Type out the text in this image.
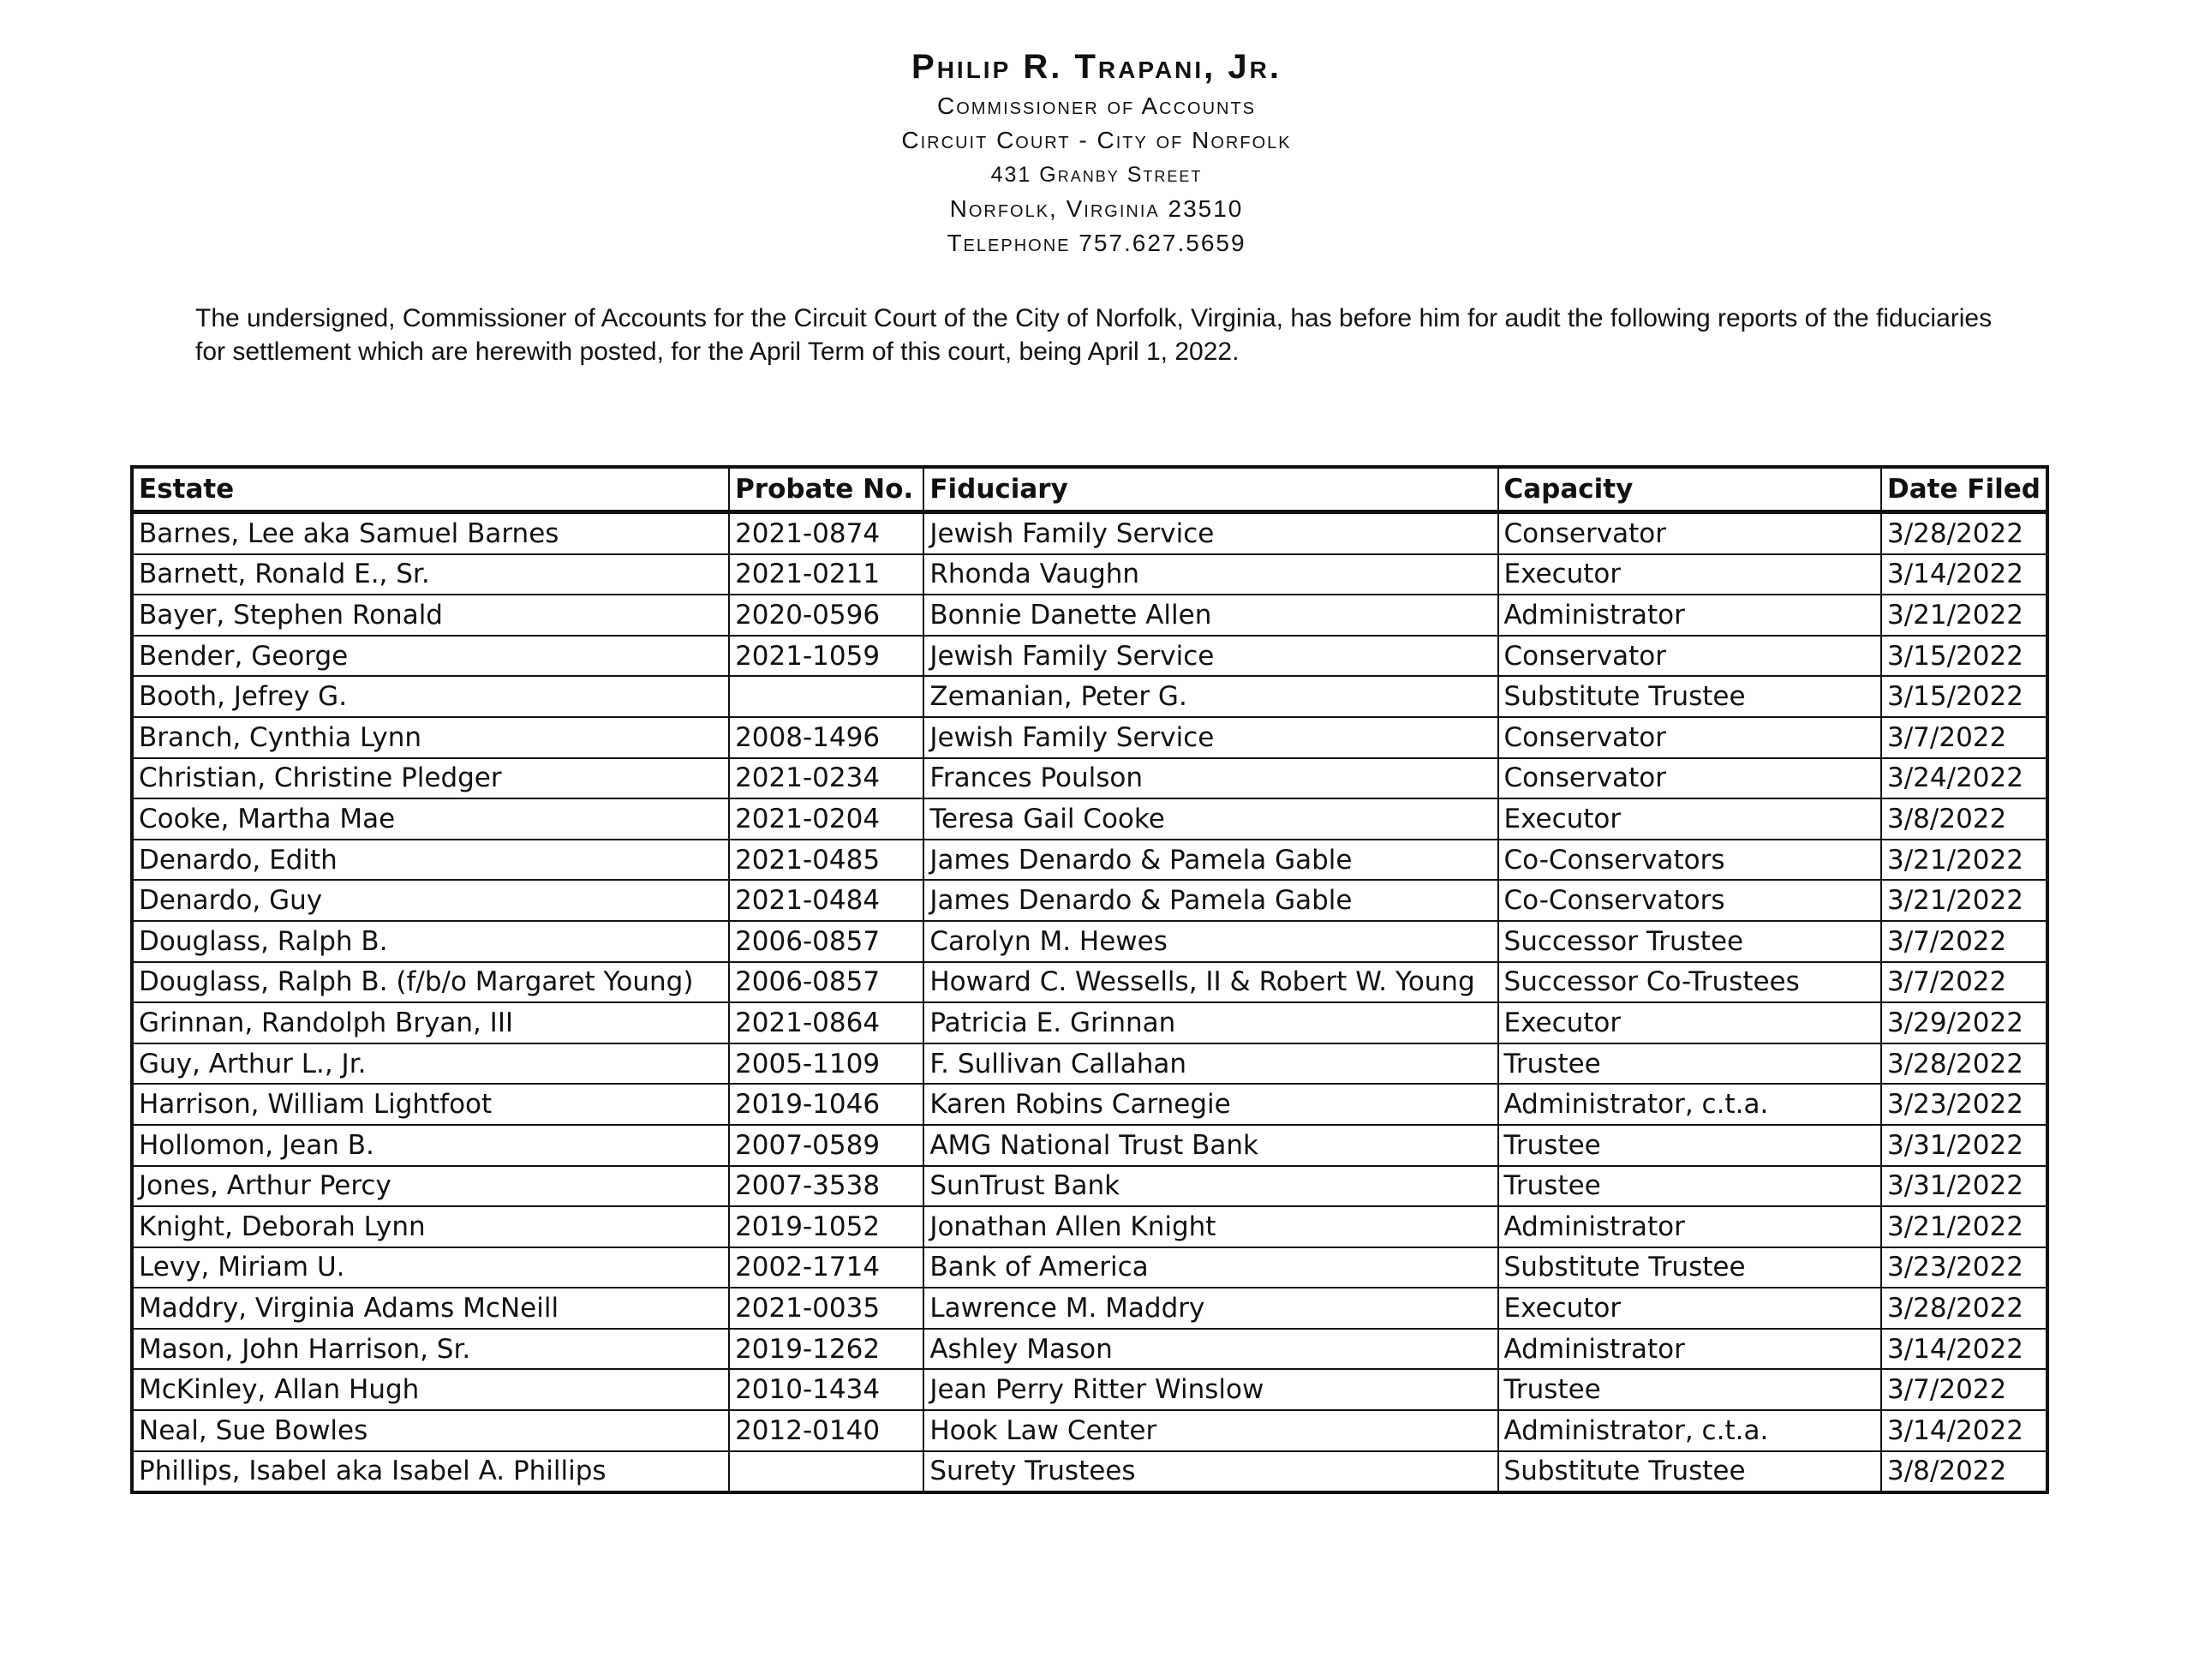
Philip R. Trapani, Jr.
Commissioner of Accounts
Circuit Court - City of Norfolk
431 Granby Street
Norfolk, Virginia 23510
Telephone 757.627.5659
The undersigned, Commissioner of Accounts for the Circuit Court of the City of Norfolk, Virginia, has before him for audit the following reports of the fiduciaries for settlement which are herewith posted, for the April Term of this court, being April 1, 2022.
Estate	Probate No.	Fiduciary	Capacity	Date Filed
Barnes, Lee aka Samuel Barnes	2021-0874	Jewish Family Service	Conservator	3/28/2022
Barnett, Ronald E., Sr.	2021-0211	Rhonda Vaughn	Executor	3/14/2022
Bayer, Stephen Ronald	2020-0596	Bonnie Danette Allen	Administrator	3/21/2022
Bender, George	2021-1059	Jewish Family Service	Conservator	3/15/2022
Booth, Jefrey G.		Zemanian, Peter G.	Substitute Trustee	3/15/2022
Branch, Cynthia Lynn	2008-1496	Jewish Family Service	Conservator	3/7/2022
Christian, Christine Pledger	2021-0234	Frances Poulson	Conservator	3/24/2022
Cooke, Martha Mae	2021-0204	Teresa Gail Cooke	Executor	3/8/2022
Denardo, Edith	2021-0485	James Denardo & Pamela Gable	Co-Conservators	3/21/2022
Denardo, Guy	2021-0484	James Denardo & Pamela Gable	Co-Conservators	3/21/2022
Douglass, Ralph B.	2006-0857	Carolyn M. Hewes	Successor Trustee	3/7/2022
Douglass, Ralph B. (f/b/o Margaret Young)	2006-0857	Howard C. Wessells, II & Robert W. Young	Successor Co-Trustees	3/7/2022
Grinnan, Randolph Bryan, III	2021-0864	Patricia E. Grinnan	Executor	3/29/2022
Guy, Arthur L., Jr.	2005-1109	F. Sullivan Callahan	Trustee	3/28/2022
Harrison, William Lightfoot	2019-1046	Karen Robins Carnegie	Administrator, c.t.a.	3/23/2022
Hollomon, Jean B.	2007-0589	AMG National Trust Bank	Trustee	3/31/2022
Jones, Arthur Percy	2007-3538	SunTrust Bank	Trustee	3/31/2022
Knight, Deborah Lynn	2019-1052	Jonathan Allen Knight	Administrator	3/21/2022
Levy, Miriam U.	2002-1714	Bank of America	Substitute Trustee	3/23/2022
Maddry, Virginia Adams McNeill	2021-0035	Lawrence M. Maddry	Executor	3/28/2022
Mason, John Harrison, Sr.	2019-1262	Ashley Mason	Administrator	3/14/2022
McKinley, Allan Hugh	2010-1434	Jean Perry Ritter Winslow	Trustee	3/7/2022
Neal, Sue Bowles	2012-0140	Hook Law Center	Administrator, c.t.a.	3/14/2022
Phillips, Isabel aka Isabel A. Phillips		Surety Trustees	Substitute Trustee	3/8/2022
